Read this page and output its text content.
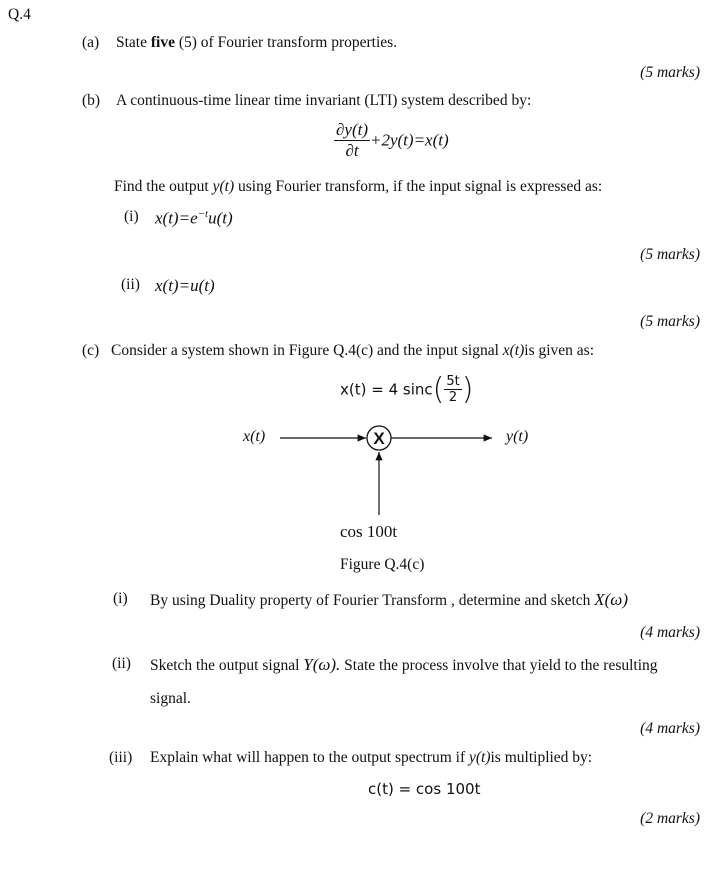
Q.4
(a) State five (5) of Fourier transform properties.
(5 marks)
(b) A continuous-time linear time invariant (LTI) system described by:
$\frac{\partial y(t)}{\partial t} +2y(t)=x(t)$
Find the output y(t) using Fourier transform, if the input signal is expressed as:
(i) $x(t)=e^{-t}u(t)$
(5 marks)
(ii) x(t)=u(t)
(5 marks)
(c) Consider a system shown in Figure Q.4(c) and the input signal x(t)is given as:
x(t) = 4 $\sin c( \frac{5t}{2}$ )
X
x(t)	y(t)
cos 100t
Figure Q.4(c)
(i) By using Duality property of Fourier Transform , determine and sketch X(ω)
(4 marks)
(ii) Sketch the output signal Y(ω). State the process involve that yield to the resulting
signal.
(4 marks)
(iii) Explain what will happen to the output spectrum if y(t)is multiplied by:
c(t) = cos 100t
(2 marks)
